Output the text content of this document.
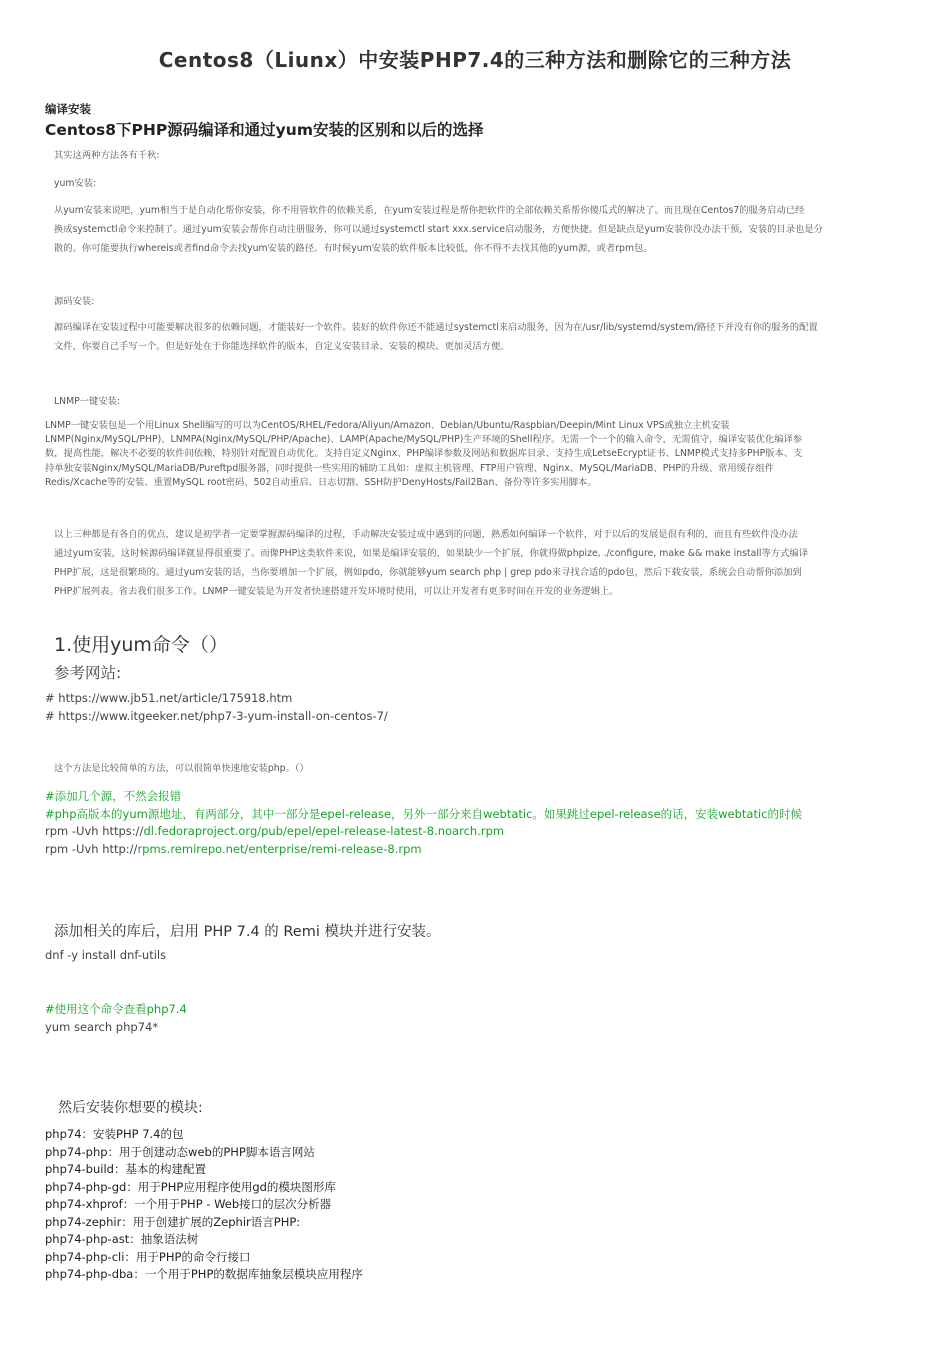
Centos8（Liunx）中安装PHP7.4的三种方法和删除它的三种方法
编译安装
Centos8下PHP源码编译和通过yum安装的区别和以后的选择
其实这两种方法各有千秋:
yum安装:
从yum安装来说吧，yum相当于是自动化帮你安装，你不用管软件的依赖关系，在yum安装过程是帮你把软件的全部依赖关系帮你傻瓜式的解决了。而且现在Centos7的服务启动已经
换成systemctl命令来控制了。通过yum安装会帮你自动注册服务，你可以通过systemctl start xxx.service启动服务，方便快捷。但是缺点是yum安装你没办法干预，安装的目录也是分
散的。你可能要执行whereis或者find命令去找yum安装的路径。有时候yum安装的软件版本比较低，你不得不去找其他的yum源，或者rpm包。
源码安装:
源码编译在安装过程中可能要解决很多的依赖问题，才能装好一个软件。装好的软件你还不能通过systemctl来启动服务，因为在/usr/lib/systemd/system/路径下并没有你的服务的配置
文件，你要自己手写一个。但是好处在于你能选择软件的版本，自定义安装目录、安装的模块。更加灵活方便。
LNMP一键安装:
LNMP一键安装包是一个用Linux Shell编写的可以为CentOS/RHEL/Fedora/Aliyun/Amazon、Debian/Ubuntu/Raspbian/Deepin/Mint Linux VPS或独立主机安装
LNMP(Nginx/MySQL/PHP)、LNMPA(Nginx/MySQL/PHP/Apache)、LAMP(Apache/MySQL/PHP)生产环境的Shell程序。无需一个一个的输入命令，无需值守，编译安装优化编译参
数，提高性能，解决不必要的软件间依赖，特别针对配置自动优化。支持自定义Nginx、PHP编译参数及网站和数据库目录、支持生成LetseEcrypt证书、LNMP模式支持多PHP版本、支
持单独安装Nginx/MySQL/MariaDB/Pureftpd服务器，同时提供一些实用的辅助工具如：虚拟主机管理、FTP用户管理、Nginx、MySQL/MariaDB、PHP的升级、常用缓存组件
Redis/Xcache等的安装、重置MySQL root密码、502自动重启、日志切割、SSH防护DenyHosts/Fail2Ban、备份等许多实用脚本。
以上三种都是有各自的优点，建议是初学者一定要掌握源码编译的过程，手动解决安装过成中遇到的问题，熟悉如何编译一个软件，对于以后的发展是很有利的，而且有些软件没办法
通过yum安装，这时候源码编译就显得很重要了。而像PHP这类软件来说，如果是编译安装的，如果缺少一个扩展，你就得做phpize, ./configure, make && make install等方式编译
PHP扩展，这是很繁琐的。通过yum安装的话，当你要增加一个扩展，例如pdo，你就能够yum search php | grep pdo来寻找合适的pdo包，然后下载安装，系统会自动帮你添加到
PHP扩展列表。省去我们很多工作。LNMP一键安装是为开发者快速搭建开发环境时使用，可以让开发者有更多时间在开发的业务逻辑上。
1.使用yum命令（）
参考网站:
# https://www.jb51.net/article/175918.htm
# https://www.itgeeker.net/php7-3-yum-install-on-centos-7/
这个方法是比较简单的方法，可以很简单快速地安装php。（）
#添加几个源，不然会报错
#php高版本的yum源地址，有两部分，其中一部分是epel-release，另外一部分来自webtatic。如果跳过epel-release的话，安装webtatic的时候
rpm -Uvh https://dl.fedoraproject.org/pub/epel/epel-release-latest-8.noarch.rpm
rpm -Uvh http://rpms.remirepo.net/enterprise/remi-release-8.rpm
添加相关的库后，启用 PHP 7.4 的 Remi 模块并进行安装。
dnf -y install dnf-utils
#使用这个命令查看php7.4
yum search php74*
然后安装你想要的模块:
php74：安装PHP 7.4的包
php74-php：用于创建动态web的PHP脚本语言网站
php74-build：基本的构建配置
php74-php-gd：用于PHP应用程序使用gd的模块图形库
php74-xhprof：一个用于PHP - Web接口的层次分析器
php74-zephir：用于创建扩展的Zephir语言PHP:
php74-php-ast：抽象语法树
php74-php-cli：用于PHP的命令行接口
php74-php-dba：一个用于PHP的数据库抽象层模块应用程序
